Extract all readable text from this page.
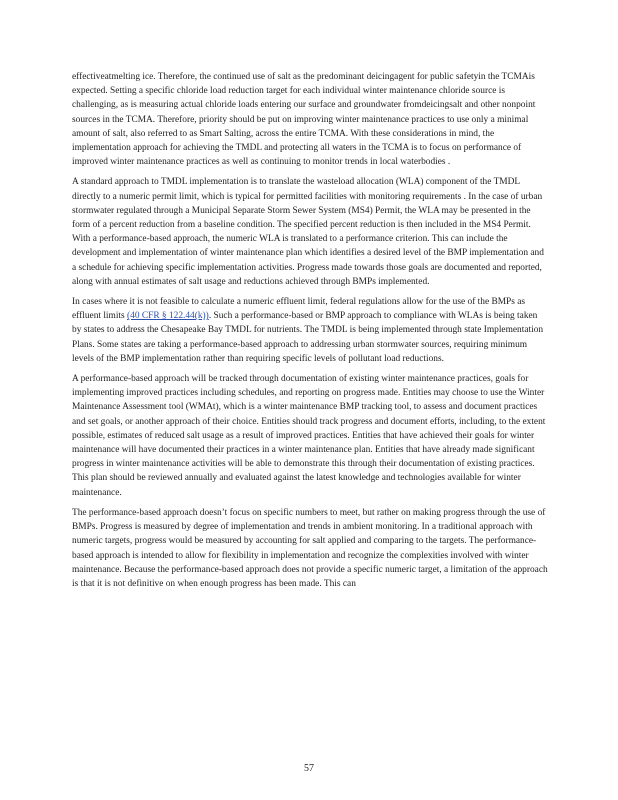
effectiveatmelting ice. Therefore, the continued use of salt as the predominant deicingagent for public safetyin the TCMAis expected. Setting a specific chloride load reduction target for each individual winter maintenance chloride source is challenging, as is measuring actual chloride loads entering our surface and groundwater fromdeicingsalt and other nonpoint sources in the TCMA. Therefore, priority should be put on improving winter maintenance practices to use only a minimal amount of salt, also referred to as Smart Salting, across the entire TCMA. With these considerations in mind, the implementation approach for achieving the TMDL and protecting all waters in the TCMA is to focus on performance of improved winter maintenance practices as well as continuing to monitor trends in local waterbodies .

A standard approach to TMDL implementation is to translate the wasteload allocation (WLA) component of the TMDL directly to a numeric permit limit, which is typical for permitted facilities with monitoring requirements . In the case of urban stormwater regulated through a Municipal Separate Storm Sewer System (MS4) Permit, the WLA may be presented in the form of a percent reduction from a baseline condition. The specified percent reduction is then included in the MS4 Permit. With a performance-based approach, the numeric WLA is translated to a performance criterion. This can include the development and implementation of winter maintenance plan which identifies a desired level of the BMP implementation and a schedule for achieving specific implementation activities. Progress made towards those goals are documented and reported, along with annual estimates of salt usage and reductions achieved through BMPs implemented.

In cases where it is not feasible to calculate a numeric effluent limit, federal regulations allow for the use of the BMPs as effluent limits (40 CFR § 122.44(k)). Such a performance-based or BMP approach to compliance with WLAs is being taken by states to address the Chesapeake Bay TMDL for nutrients. The TMDL is being implemented through state Implementation Plans. Some states are taking a performance-based approach to addressing urban stormwater sources, requiring minimum levels of the BMP implementation rather than requiring specific levels of pollutant load reductions.

A performance-based approach will be tracked through documentation of existing winter maintenance practices, goals for implementing improved practices including schedules, and reporting on progress made. Entities may choose to use the Winter Maintenance Assessment tool (WMAt), which is a winter maintenance BMP tracking tool, to assess and document practices and set goals, or another approach of their choice. Entities should track progress and document efforts, including, to the extent possible, estimates of reduced salt usage as a result of improved practices. Entities that have achieved their goals for winter maintenance will have documented their practices in a winter maintenance plan. Entities that have already made significant progress in winter maintenance activities will be able to demonstrate this through their documentation of existing practices. This plan should be reviewed annually and evaluated against the latest knowledge and technologies available for winter maintenance.

The performance-based approach doesn’t focus on specific numbers to meet, but rather on making progress through the use of BMPs. Progress is measured by degree of implementation and trends in ambient monitoring. In a traditional approach with numeric targets, progress would be measured by accounting for salt applied and comparing to the targets. The performance-based approach is intended to allow for flexibility in implementation and recognize the complexities involved with winter maintenance. Because the performance-based approach does not provide a specific numeric target, a limitation of the approach is that it is not definitive on when enough progress has been made. This can

57
